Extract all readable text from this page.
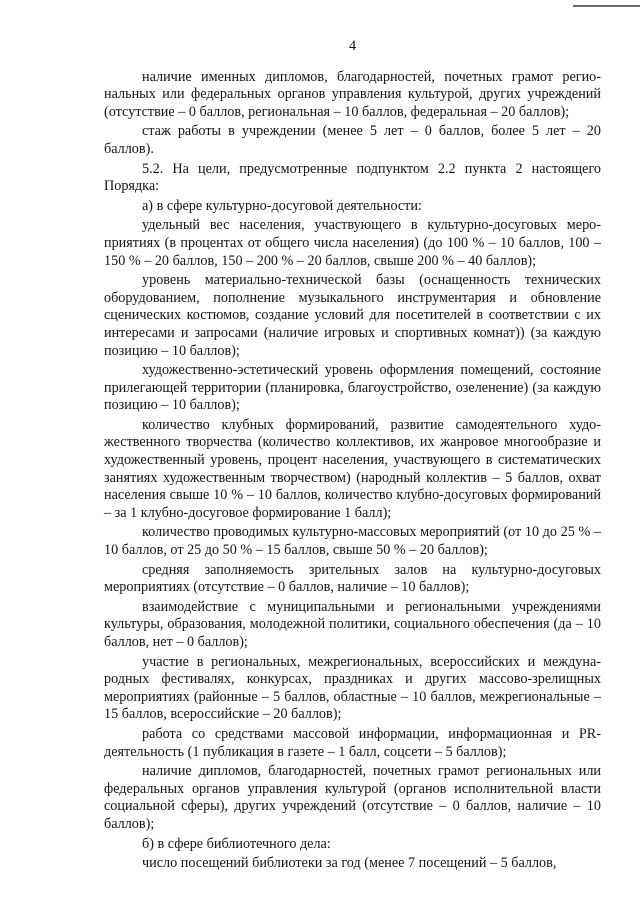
4

наличие именных дипломов, благодарностей, почетных грамот региональных или федеральных органов управления культурой, других учреждений (отсутствие – 0 баллов, региональная – 10 баллов, федеральная – 20 баллов);

стаж работы в учреждении (менее 5 лет – 0 баллов, более 5 лет – 20 баллов).

5.2. На цели, предусмотренные подпунктом 2.2 пункта 2 настоящего Порядка:

а) в сфере культурно-досуговой деятельности:

удельный вес населения, участвующего в культурно-досуговых мероприятиях (в процентах от общего числа населения) (до 100 % – 10 баллов, 100 – 150 % – 20 баллов, 150 – 200 % – 20 баллов, свыше 200 % – 40 баллов);

уровень материально-технической базы (оснащенность технических оборудованием, пополнение музыкального инструментария и обновление сценических костюмов, создание условий для посетителей в соответствии с их интересами и запросами (наличие игровых и спортивных комнат)) (за каждую позицию – 10 баллов);

художественно-эстетический уровень оформления помещений, состояние прилегающей территории (планировка, благоустройство, озеленение) (за каждую позицию – 10 баллов);

количество клубных формирований, развитие самодеятельного художественного творчества (количество коллективов, их жанровое многообразие и художественный уровень, процент населения, участвующего в систематических занятиях художественным творчеством) (народный коллектив – 5 баллов, охват населения свыше 10 % – 10 баллов, количество клубно-досуговых формирований – за 1 клубно-досуговое формирование 1 балл);

количество проводимых культурно-массовых мероприятий (от 10 до 25 % – 10 баллов, от 25 до 50 % – 15 баллов, свыше 50 % – 20 баллов);

средняя заполняемость зрительных залов на культурно-досуговых мероприятиях (отсутствие – 0 баллов, наличие – 10 баллов);

взаимодействие с муниципальными и региональными учреждениями культуры, образования, молодежной политики, социального обеспечения (да – 10 баллов, нет – 0 баллов);

участие в региональных, межрегиональных, всероссийских и международных фестивалях, конкурсах, праздниках и других массово-зрелищных мероприятиях (районные – 5 баллов, областные – 10 баллов, межрегиональные – 15 баллов, всероссийские – 20 баллов);

работа со средствами массовой информации, информационная и PR-деятельность (1 публикация в газете – 1 балл, соцсети – 5 баллов);

наличие дипломов, благодарностей, почетных грамот региональных или федеральных органов управления культурой (органов исполнительной власти социальной сферы), других учреждений (отсутствие – 0 баллов, наличие – 10 баллов);

б) в сфере библиотечного дела:

число посещений библиотеки за год (менее 7 посещений – 5 баллов,
